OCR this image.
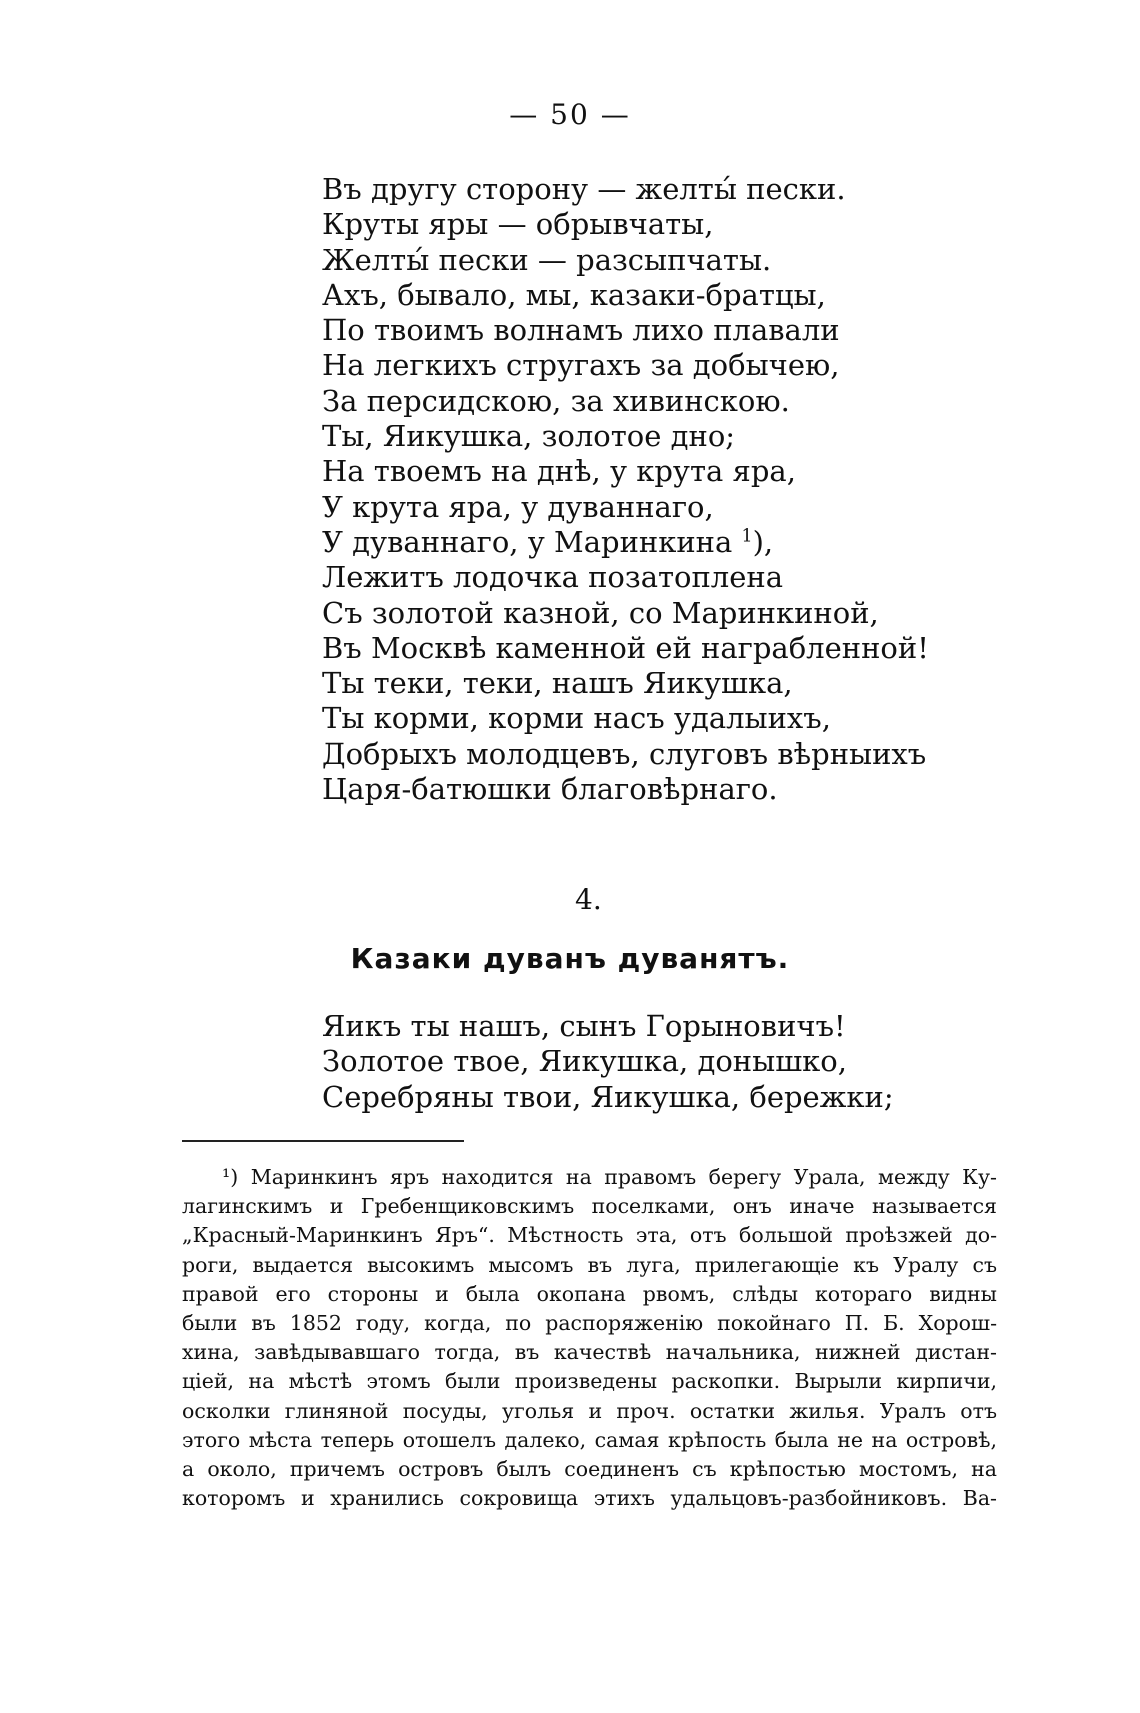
— 50 —
Въ другу сторону — желты́ пески.
Круты яры — обрывчаты,
Желты́ пески — разсыпчаты.
Ахъ, бывало, мы, казаки-братцы,
По твоимъ волнамъ лихо плавали
На легкихъ стругахъ за добычею,
За персидскою, за хивинскою.
Ты, Яикушка, золотое дно;
На твоемъ на днѣ, у крута яра,
У крута яра, у дуваннаго,
У дуваннаго, у Маринкина $^1$),
Лежитъ лодочка позатоплена
Съ золотой казной, со Маринкиной,
Въ Москвѣ каменной ей награбленной!
Ты теки, теки, нашъ Яикушка,
Ты корми, корми насъ удалыихъ,
Добрыхъ молодцевъ, слуговъ вѣрныихъ
Царя-батюшки благовѣрнаго.
4.
Казаки дуванъ дуванятъ.
Яикъ ты нашъ, сынъ Горыновичъ!
Золотое твое, Яикушка, донышко,
Серебряны твои, Яикушка, бережки;
¹) Маринкинъ яръ находится на правомъ берегу Урала, между Ку-
лагинскимъ и Гребенщиковскимъ поселками, онъ иначе называется
„Красный-Маринкинъ Яръ“. Мѣстность эта, отъ большой проѣзжей до-
роги, выдается высокимъ мысомъ въ луга, прилегающіе къ Уралу съ
правой его стороны и была окопана рвомъ, слѣды котораго видны
были въ 1852 году, когда, по распоряженію покойнаго П. Б. Хорош-
хина, завѣдывавшаго тогда, въ качествѣ начальника, нижней дистан-
ціей, на мѣстѣ этомъ были произведены раскопки. Вырыли кирпичи,
осколки глиняной посуды, уголья и проч. остатки жилья. Уралъ отъ
этого мѣста теперь отошелъ далеко, самая крѣпость была не на островѣ,
а около, причемъ островъ былъ соединенъ съ крѣпостью мостомъ, на
которомъ и хранились сокровища этихъ удальцовъ-разбойниковъ. Ва-
